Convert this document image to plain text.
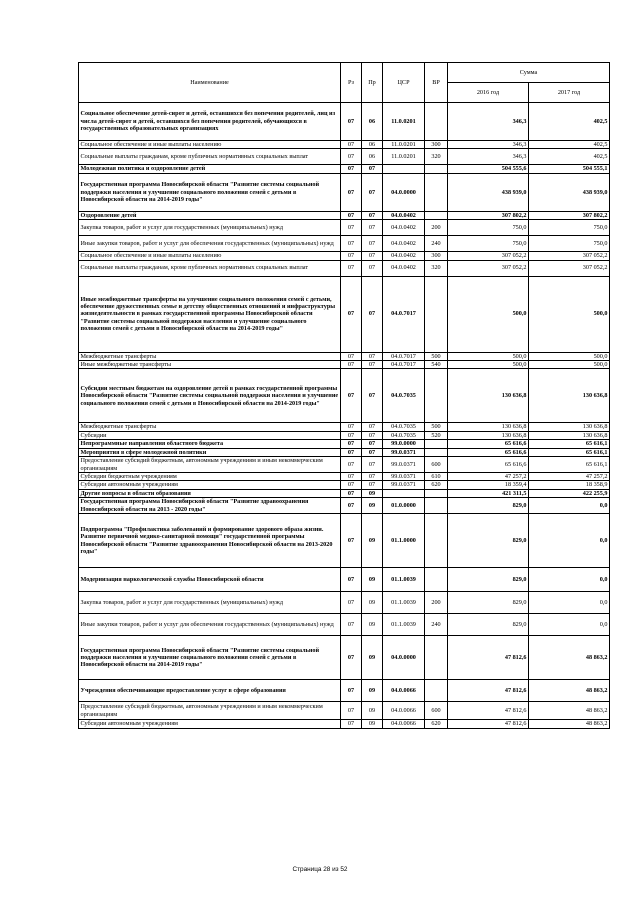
Наименование	Рз	Пр	ЦСР	ВР	Сумма	
					2016 год	2017 год
Социальное обеспечение детей-сирот и детей, оставшихся без попечения родителей, лиц из числа детей-сирот и детей, оставшихся без попечения родителей, обучающихся в государственных образовательных организациях	07	06	11.0.0201		346,3	402,5
Социальное обеспечение и иные выплаты населению	07	06	11.0.0201	300	346,3	402,5
Социальные выплаты гражданам, кроме публичных нормативных социальных выплат	07	06	11.0.0201	320	346,3	402,5
Молодежная политика и оздоровление детей	07	07			504 555,6	504 555,1
Государственная программа Новосибирской области "Развитие системы социальной поддержки населения и улучшение социального положения семей с детьми в Новосибирской области на 2014-2019 годы"	07	07	04.0.0000		438 939,0	438 939,0
Оздоровление детей	07	07	04.0.0402		307 802,2	307 802,2
Закупка товаров, работ и услуг для государственных (муниципальных) нужд	07	07	04.0.0402	200	750,0	750,0
Иные закупки товаров, работ и услуг для обеспечения государственных (муниципальных) нужд	07	07	04.0.0402	240	750,0	750,0
Социальное обеспечение и иные выплаты населению	07	07	04.0.0402	300	307 052,2	307 052,2
Социальные выплаты гражданам, кроме публичных нормативных социальных выплат	07	07	04.0.0402	320	307 052,2	307 052,2
Иные межбюджетные трансферты на улучшение социального положения семей с детьми, обеспечение дружественных семье и детству общественных отношений и инфраструктуры жизнедеятельности в рамках государственной программы Новосибирской области "Развитие системы социальной поддержки населения и улучшение социального положения семей с детьми в Новосибирской области на 2014-2019 годы"	07	07	04.0.7017		500,0	500,0
Межбюджетные трансферты	07	07	04.0.7017	500	500,0	500,0
Иные межбюджетные трансферты	07	07	04.0.7017	540	500,0	500,0
Субсидии местным бюджетам на оздоровление детей в рамках государственной программы Новосибирской области "Развитие системы социальной поддержки населения и улучшение социального положения семей с детьми в Новосибирской области на 2014-2019 годы"	07	07	04.0.7035		130 636,8	130 636,8
Межбюджетные трансферты	07	07	04.0.7035	500	130 636,8	130 636,8
Субсидии	07	07	04.0.7035	520	130 636,8	130 636,8
Непрограммные направления областного бюджета	07	07	99.0.0000		65 616,6	65 616,1
Мероприятия в сфере молодежной политики	07	07	99.0.0371		65 616,6	65 616,1
Предоставление субсидий бюджетным, автономным учреждениям и иным некоммерческим организациям	07	07	99.0.0371	600	65 616,6	65 616,1
Субсидии бюджетным учреждениям	07	07	99.0.0371	610	47 257,2	47 257,2
Субсидии автономным учреждениям	07	07	99.0.0371	620	18 359,4	18 358,9
Другие вопросы в области образования	07	09			421 311,5	422 255,9
Государственная программа Новосибирской области "Развитие здравоохранения Новосибирской области на 2013 - 2020 годы"	07	09	01.0.0000		829,0	0,0
Подпрограмма "Профилактика заболеваний и формирование здорового образа жизни. Развитие первичной медико-санитарной помощи" государственной программы Новосибирской области "Развитие здравоохранения Новосибирской области на 2013-2020 годы"	07	09	01.1.0000		829,0	0,0
Модернизация наркологической службы Новосибирской области	07	09	01.1.0039		829,0	0,0
Закупка товаров, работ и услуг для государственных (муниципальных) нужд	07	09	01.1.0039	200	829,0	0,0
Иные закупки товаров, работ и услуг для обеспечения государственных (муниципальных) нужд	07	09	01.1.0039	240	829,0	0,0
Государственная программа Новосибирской области "Развитие системы социальной поддержки населения и улучшение социального положения семей с детьми в Новосибирской области на 2014-2019 годы"	07	09	04.0.0000		47 812,6	48 863,2
Учреждения обеспечивающие предоставление услуг в сфере образования	07	09	04.0.0066		47 812,6	48 863,2
Предоставление субсидий бюджетным, автономным учреждениям и иным некоммерческим организациям	07	09	04.0.0066	600	47 812,6	48 863,2
Субсидии автономным учреждениям	07	09	04.0.0066	620	47 812,6	48 863,2
Страница 28 из 52
